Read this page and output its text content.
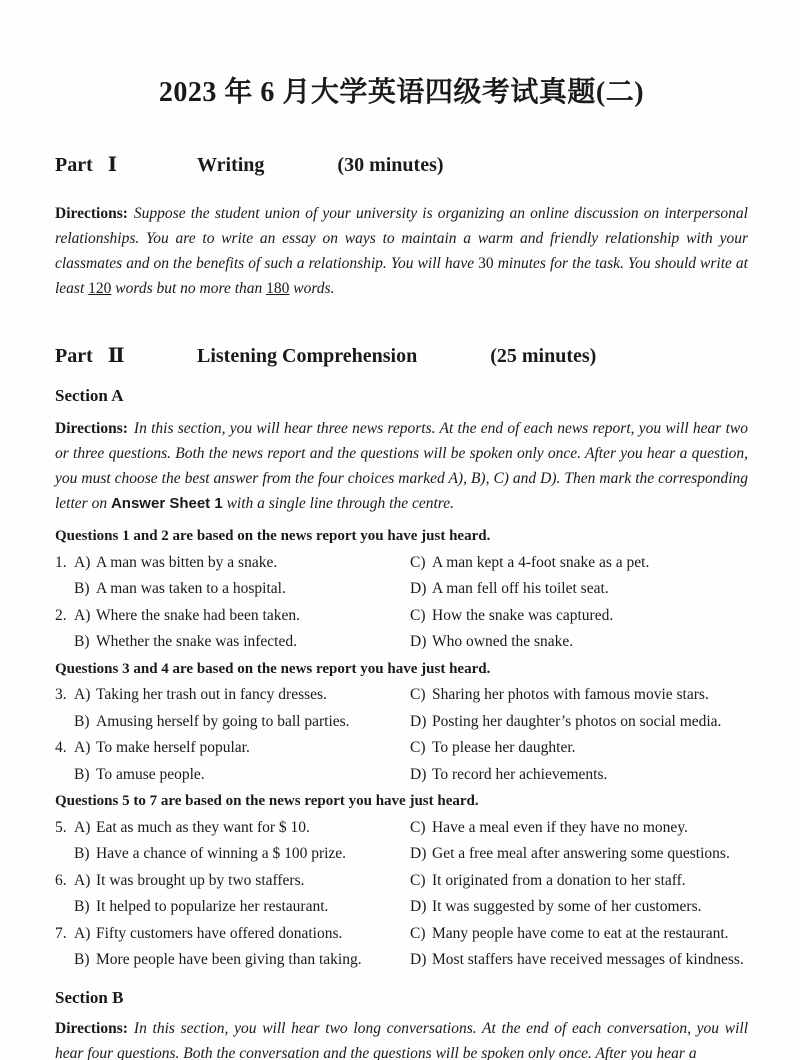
2023 年 6 月大学英语四级考试真题(二)
Part Ⅰ	Writing	(30 minutes)
Directions: Suppose the student union of your university is organizing an online discussion on interpersonal relationships. You are to write an essay on ways to maintain a warm and friendly relationship with your classmates and on the benefits of such a relationship. You will have 30 minutes for the task. You should write at least 120 words but no more than 180 words.
Part Ⅱ	Listening Comprehension	(25 minutes)
Section A
Directions: In this section, you will hear three news reports. At the end of each news report, you will hear two or three questions. Both the news report and the questions will be spoken only once. After you hear a question, you must choose the best answer from the four choices marked A), B), C) and D). Then mark the corresponding letter on Answer Sheet 1 with a single line through the centre.
Questions 1 and 2 are based on the news report you have just heard.
1. A) A man was bitten by a snake.	C) A man kept a 4-foot snake as a pet.
B) A man was taken to a hospital.	D) A man fell off his toilet seat.
2. A) Where the snake had been taken.	C) How the snake was captured.
B) Whether the snake was infected.	D) Who owned the snake.
Questions 3 and 4 are based on the news report you have just heard.
3. A) Taking her trash out in fancy dresses.	C) Sharing her photos with famous movie stars.
B) Amusing herself by going to ball parties.	D) Posting her daughter’s photos on social media.
4. A) To make herself popular.	C) To please her daughter.
B) To amuse people.	D) To record her achievements.
Questions 5 to 7 are based on the news report you have just heard.
5. A) Eat as much as they want for $ 10.	C) Have a meal even if they have no money.
B) Have a chance of winning a $ 100 prize.	D) Get a free meal after answering some questions.
6. A) It was brought up by two staffers.	C) It originated from a donation to her staff.
B) It helped to popularize her restaurant.	D) It was suggested by some of her customers.
7. A) Fifty customers have offered donations.	C) Many people have come to eat at the restaurant.
B) More people have been giving than taking.	D) Most staffers have received messages of kindness.
Section B
Directions: In this section, you will hear two long conversations. At the end of each conversation, you will hear four questions. Both the conversation and the questions will be spoken only once. After you hear a
